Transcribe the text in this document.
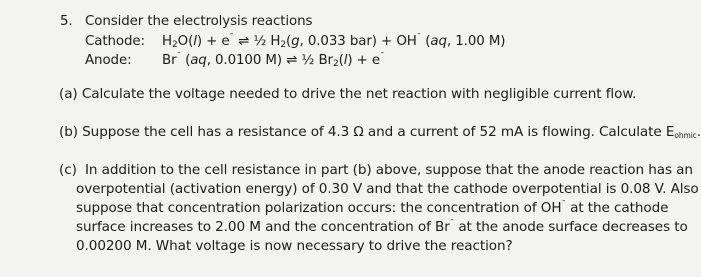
5. Consider the electrolysis reactions
Cathode: $H_2O(l) + e^¯$ ⇌ ½ $H_2(g$, 0.033 bar) + OH¯ (aq, 1.00 M)
Anode: Br¯ (aq, 0.0100 M) ⇌ ½ $Br_2(l) + e^¯$
(a) Calculate the voltage needed to drive the net reaction with negligible current flow.
(b) Suppose the cell has a resistance of 4.3 Ω and a current of 52 mA is flowing. Calculate $E_{ohmic}$.
(c) In addition to the cell resistance in part (b) above, suppose that the anode reaction has an
overpotential (activation energy) of 0.30 V and that the cathode overpotential is 0.08 V. Also
suppose that concentration polarization occurs: the concentration of OH¯ at the cathode
surface increases to 2.00 M and the concentration of Br¯ at the anode surface decreases to
0.00200 M. What voltage is now necessary to drive the reaction?
